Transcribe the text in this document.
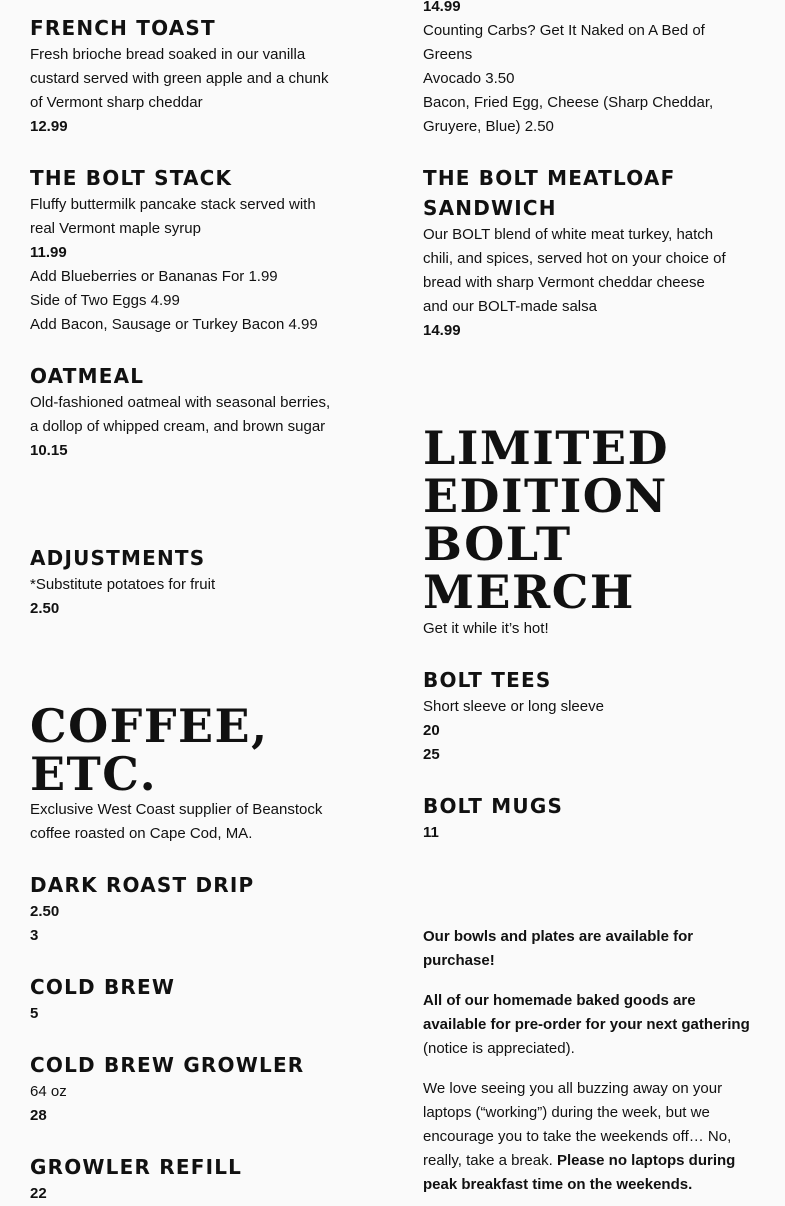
FRENCH TOAST

Fresh brioche bread soaked in our vanilla

custard served with green apple and a chunk

of Vermont sharp cheddar

12.99

THE BOLT STACK

Fluffy buttermilk pancake stack served with

real Vermont maple syrup

11.99

Add Blueberries or Bananas For 1.99

Side of Two Eggs 4.99

Add Bacon, Sausage or Turkey Bacon 4.99

OATMEAL

Old-fashioned oatmeal with seasonal berries,

a dollop of whipped cream, and brown sugar

10.15

ADJUSTMENTS

*Substitute potatoes for fruit

2.50

COFFEE,
ETC.

Exclusive West Coast supplier of Beanstock

coffee roasted on Cape Cod, MA.

DARK ROAST DRIP

2.50

3

COLD BREW

5

COLD BREW GROWLER

64 oz

28

GROWLER REFILL

22

14.99

Counting Carbs? Get It Naked on A Bed of

Greens

Avocado 3.50

Bacon, Fried Egg, Cheese (Sharp Cheddar,

Gruyere, Blue) 2.50

THE BOLT MEATLOAF
SANDWICH

Our BOLT blend of white meat turkey, hatch

chili, and spices, served hot on your choice of

bread with sharp Vermont cheddar cheese

and our BOLT-made salsa

14.99

LIMITED
EDITION
BOLT
MERCH

Get it while it’s hot!

BOLT TEES

Short sleeve or long sleeve

20

25

BOLT MUGS

11

Our bowls and plates are available for

purchase!

All of our homemade baked goods are

available for pre-order for your next gathering

(notice is appreciated).

We love seeing you all buzzing away on your

laptops (“working”) during the week, but we

encourage you to take the weekends off… No,

really, take a break. Please no laptops during

peak breakfast time on the weekends.
